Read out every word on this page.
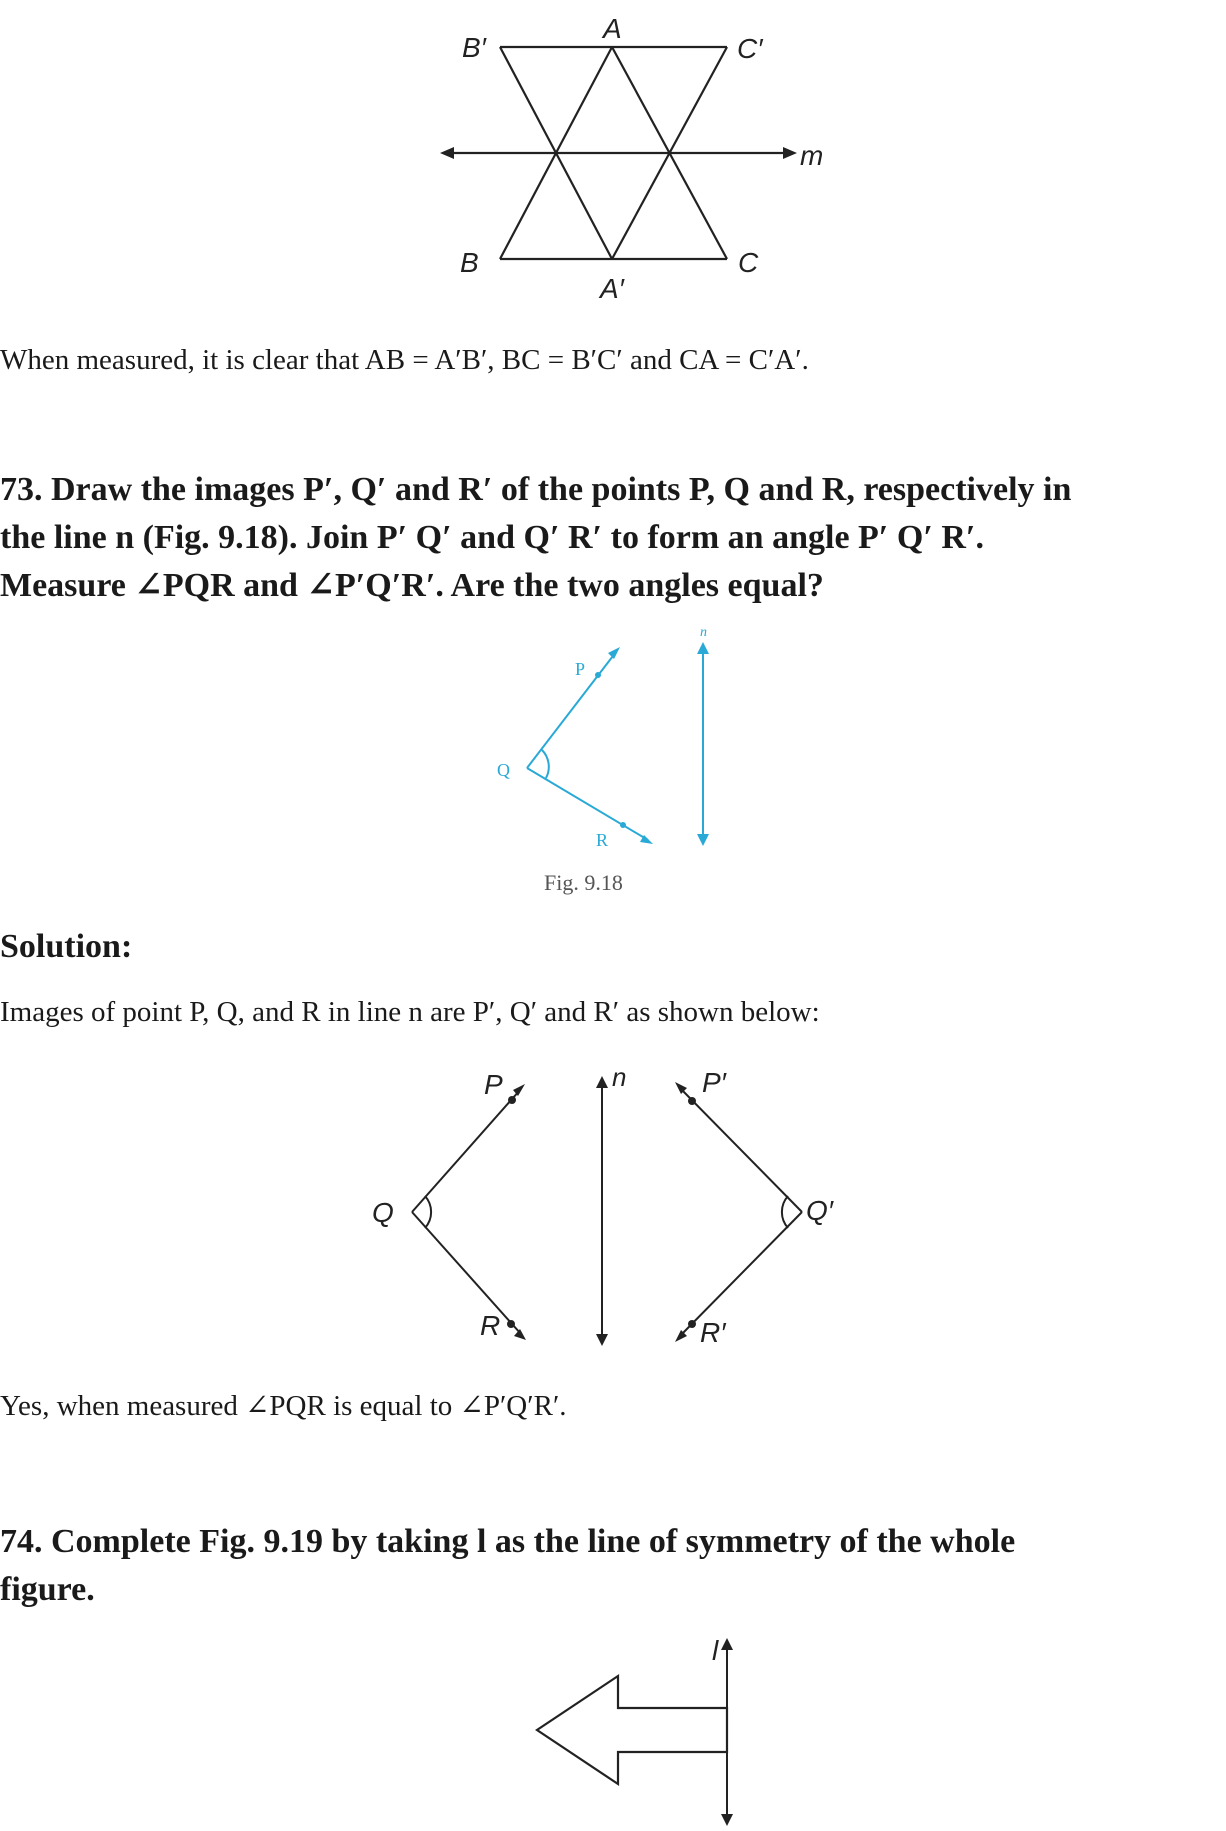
B′
A
C′
m
B
A′
C
When measured, it is clear that AB = A′B′, BC = B′C′ and CA = C′A′.
73. Draw the images P′, Q′ and R′ of the points P, Q and R, respectively in
the line n (Fig. 9.18). Join P′ Q′ and Q′ R′ to form an angle P′ Q′ R′.
Measure ∠PQR and ∠P′Q′R′. Are the two angles equal?
P
Q
R
n
Fig. 9.18
Solution:
Images of point P, Q, and R in line n are P′, Q′ and R′ as shown below:
P
Q
R
n	P′
Q′
R′
Yes, when measured ∠PQR is equal to ∠P′Q′R′.
74. Complete Fig. 9.19 by taking l as the line of symmetry of the whole
figure.
l
